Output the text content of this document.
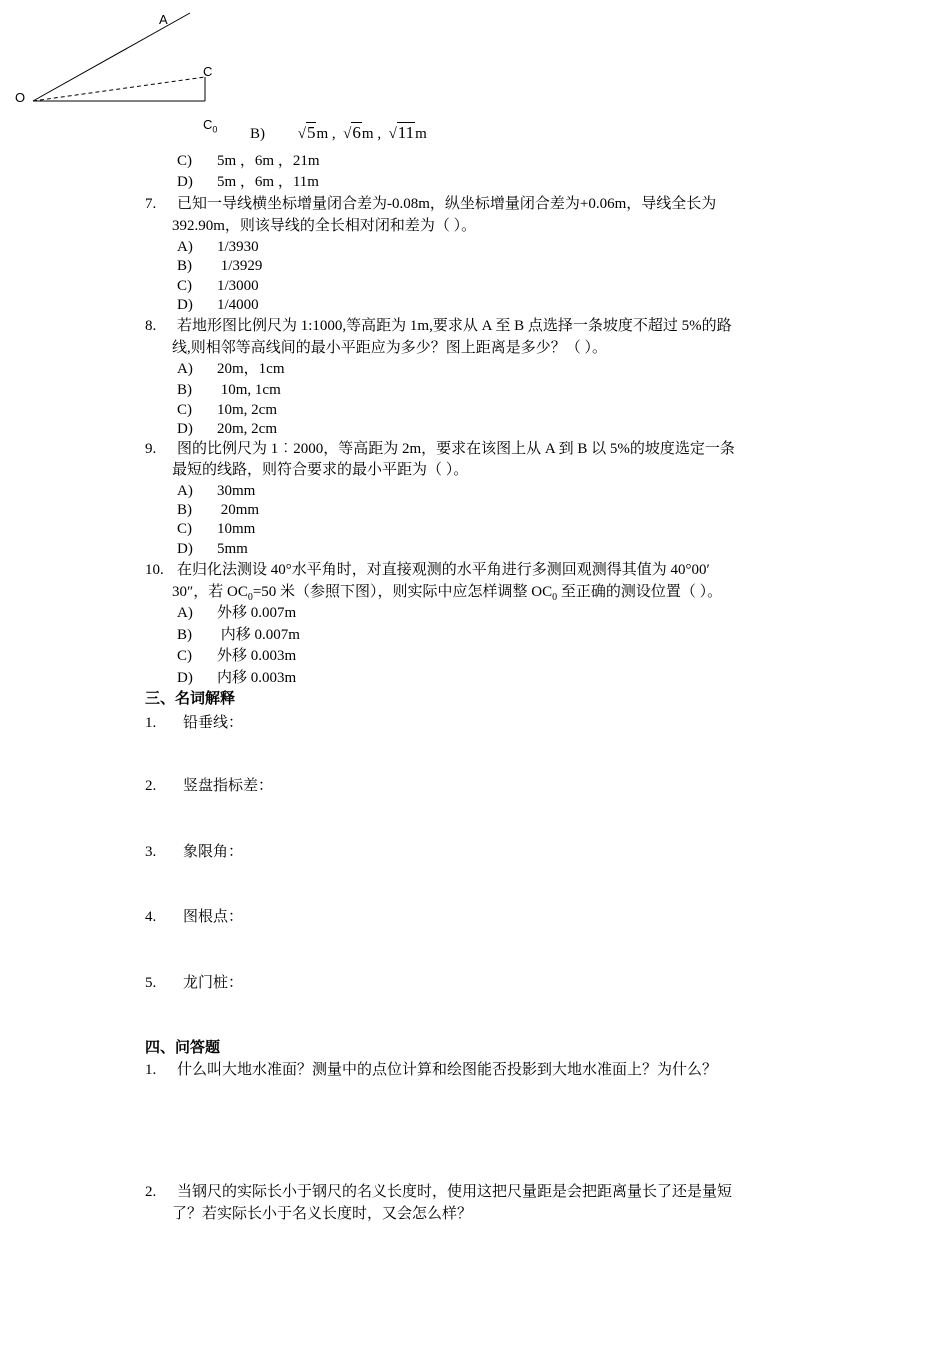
A
C
O
$C_0$ B) √5m , √6m , √11m
C) 5m ，6m ，21m
D) 5m ，6m ，11m
7. 已知一导线横坐标增量闭合差为-0.08m，纵坐标增量闭合差为+0.06m，导线全长为
392.90m，则该导线的全长相对闭和差为（ ）。
A) 1/3930
B) 1/3929
C) 1/3000
D) 1/4000
8. 若地形图比例尺为 1:1000,等高距为 1m,要求从 A 至 B 点选择一条坡度不超过 5%的路
线,则相邻等高线间的最小平距应为多少？图上距离是多少？（ ）。
A) 20m，1cm
B) 10m, 1cm
C) 10m, 2cm
D) 20m, 2cm
9. 图的比例尺为 1︰2000，等高距为 2m，要求在该图上从 A 到 B 以 5%的坡度选定一条
最短的线路，则符合要求的最小平距为（ ）。
A) 30mm
B) 20mm
C) 10mm
D) 5mm
10. 在归化法测设 40°水平角时，对直接观测的水平角进行多测回观测得其值为 40°00′
30″，若 $OC_0=50$ 米（参照下图），则实际中应怎样调整 $OC_0$ 至正确的测设位置（ ）。
A) 外移 0.007m
B) 内移 0.007m
C) 外移 0.003m
D) 内移 0.003m
三、名词解释
1. 铅垂线：
2. 竖盘指标差：
3. 象限角：
4. 图根点：
5. 龙门桩：
四、问答题
1. 什么叫大地水准面？测量中的点位计算和绘图能否投影到大地水准面上？为什么？
2. 当钢尺的实际长小于钢尺的名义长度时，使用这把尺量距是会把距离量长了还是量短
了？若实际长小于名义长度时，又会怎么样？
